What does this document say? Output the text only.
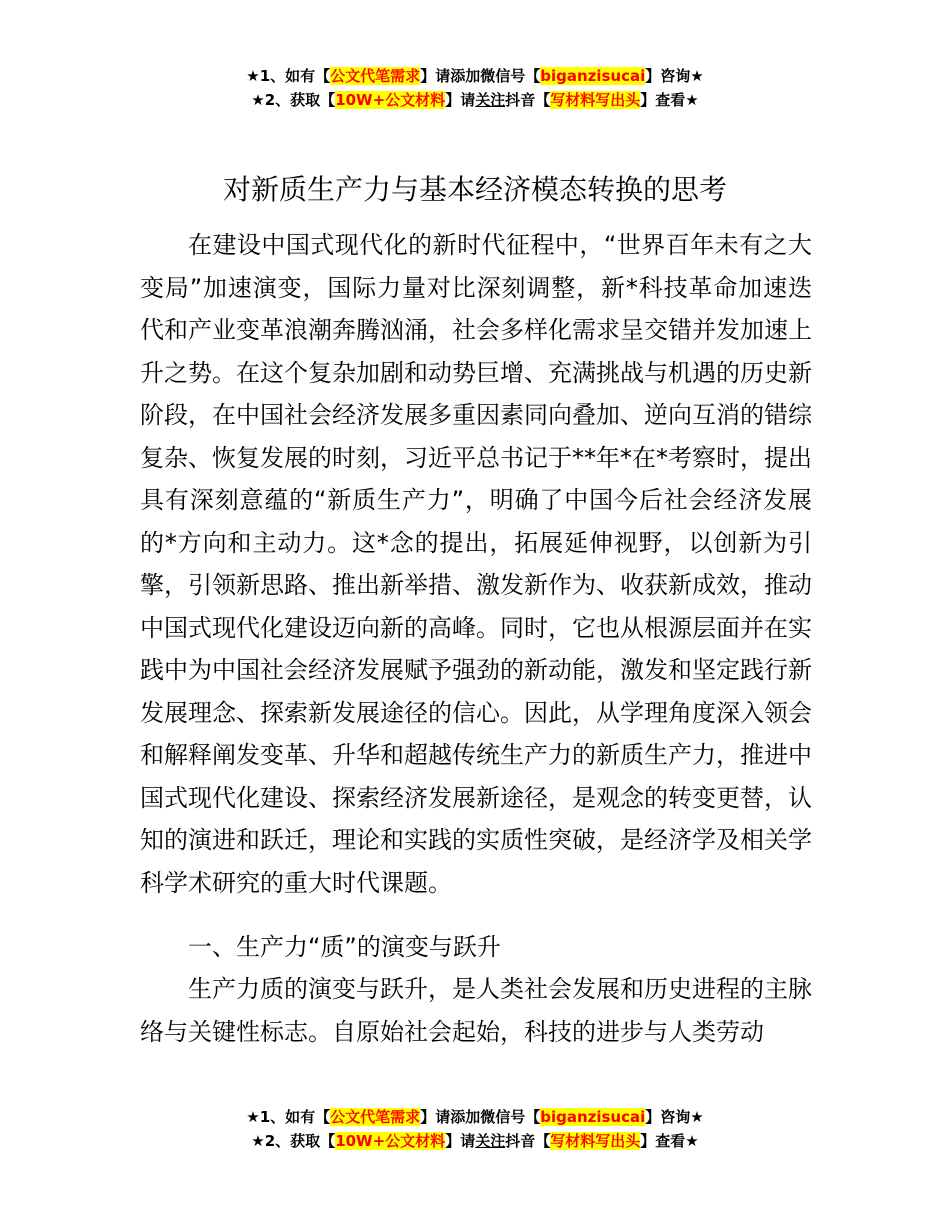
★1、如有【公文代笔需求】请添加微信号【biganzisucai】咨询★
★2、获取【10W+公文材料】请关注抖音【写材料写出头】查看★
对新质生产力与基本经济模态转换的思考
在建设中国式现代化的新时代征程中，“世界百年未有之大变局”加速演变，国际力量对比深刻调整，新*科技革命加速迭代和产业变革浪潮奔腾汹涌，社会多样化需求呈交错并发加速上升之势。在这个复杂加剧和动势巨增、充满挑战与机遇的历史新阶段，在中国社会经济发展多重因素同向叠加、逆向互消的错综复杂、恢复发展的时刻，习近平总书记于**年*在*考察时，提出具有深刻意蕴的“新质生产力”，明确了中国今后社会经济发展的*方向和主动力。这*念的提出，拓展延伸视野，以创新为引擎，引领新思路、推出新举措、激发新作为、收获新成效，推动中国式现代化建设迈向新的高峰。同时，它也从根源层面并在实践中为中国社会经济发展赋予强劲的新动能，激发和坚定践行新发展理念、探索新发展途径的信心。因此，从学理角度深入领会和解释阐发变革、升华和超越传统生产力的新质生产力，推进中国式现代化建设、探索经济发展新途径，是观念的转变更替，认知的演进和跃迁，理论和实践的实质性突破，是经济学及相关学科学术研究的重大时代课题。
一、生产力“质”的演变与跃升
生产力质的演变与跃升，是人类社会发展和历史进程的主脉络与关键性标志。自原始社会起始，科技的进步与人类劳动
★1、如有【公文代笔需求】请添加微信号【biganzisucai】咨询★
★2、获取【10W+公文材料】请关注抖音【写材料写出头】查看★
